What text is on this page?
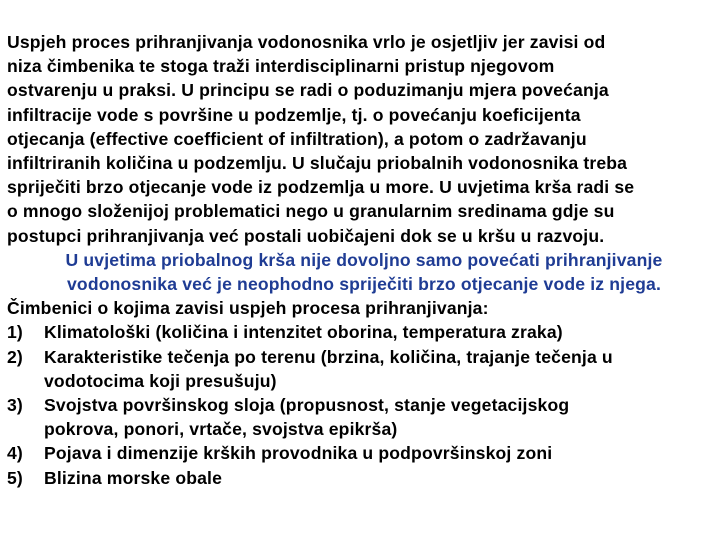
Uspjeh proces prihranjivanja vodonosnika vrlo je osjetljiv jer zavisi od
niza čimbenika te stoga traži interdisciplinarni pristup njegovom
ostvarenju u praksi. U principu se radi o poduzimanju mjera povećanja
infiltracije vode s površine u podzemlje, tj. o povećanju koeficijenta
otjecanja (effective coefficient of infiltration), a potom o zadržavanju
infiltriranih količina u podzemlju. U slučaju priobalnih vodonosnika treba
spriječiti brzo otjecanje vode iz podzemlja u more. U uvjetima krša radi se
o mnogo složenijoj problematici nego u granularnim sredinama gdje su
postupci prihranjivanja već postali uobičajeni dok se u kršu u razvoju.

U uvjetima priobalnog krša nije dovoljno samo povećati prihranjivanje
vodonosnika već je neophodno spriječiti brzo otjecanje vode iz njega.

Čimbenici o kojima zavisi uspjeh procesa prihranjivanja:

1) Klimatološki (količina i intenzitet oborina, temperatura zraka)
2) Karakteristike tečenja po terenu (brzina, količina, trajanje tečenja u
vodotocima koji presušuju)
3) Svojstva površinskog sloja (propusnost, stanje vegetacijskog
pokrova, ponori, vrtače, svojstva epikrša)
4) Pojava i dimenzije krških provodnika u podpovršinskoj zoni
5) Blizina morske obale
